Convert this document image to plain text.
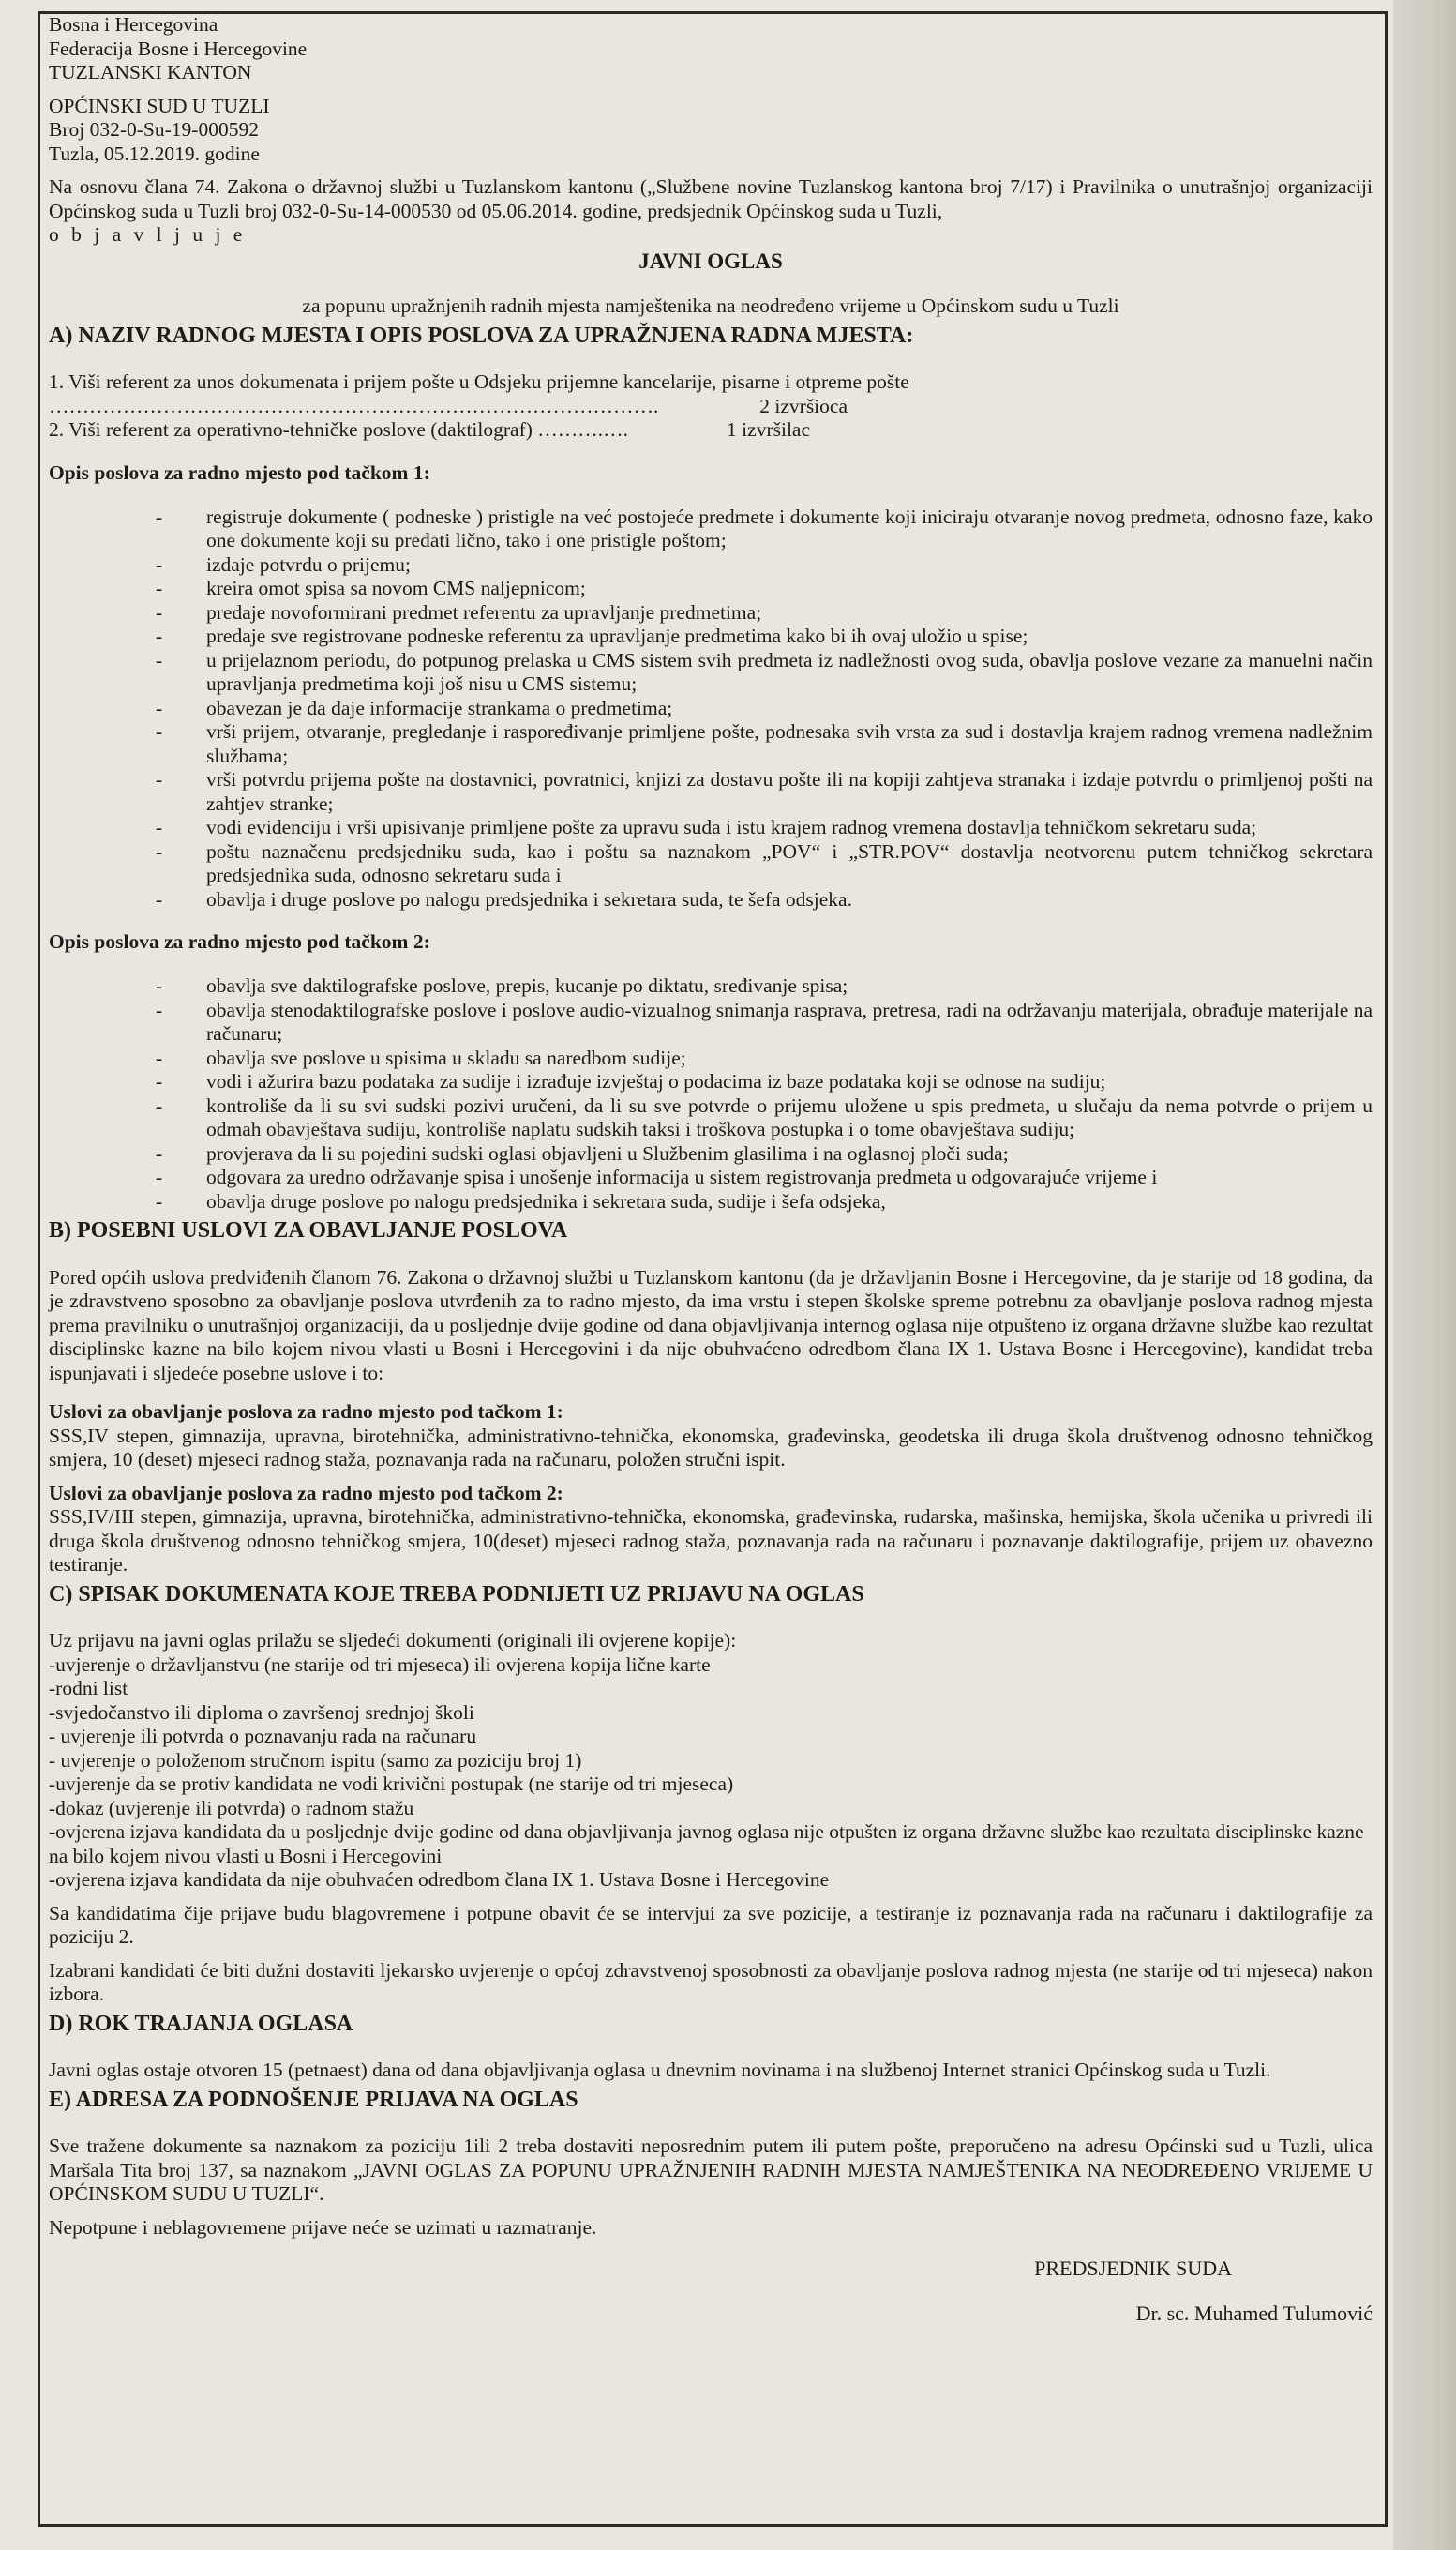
Bosna i Hercegovina

Federacija Bosne i Hercegovine

TUZLANSKI KANTON

OPĆINSKI SUD U TUZLI

Broj 032-0-Su-19-000592

Tuzla, 05.12.2019. godine

Na osnovu člana 74. Zakona o državnoj službi u Tuzlanskom kantonu („Službene novine Tuzlanskog kantona broj 7/17) i Pravilnika o unutrašnjoj organizaciji Općinskog suda u Tuzli broj 032-0-Su-14-000530 od 05.06.2014. godine, predsjednik Općinskog suda u Tuzli,

o b j a v l j u j e

JAVNI OGLAS

za popunu upražnjenih radnih mjesta namještenika na neodređeno vrijeme u Općinskom sudu u Tuzli

A) NAZIV RADNOG MJESTA I OPIS POSLOVA ZA UPRAŽNJENA RADNA MJESTA:

1. Viši referent za unos dokumenata i prijem pošte u Odsjeku prijemne kancelarije, pisarne i otpreme pošte

……………………………………………………………………………….	2 izvršioca
2. Viši referent za operativno-tehničke poslove (daktilograf) ……….….	1 izvršilac

Opis poslova za radno mjesto pod tačkom 1:

- registruje dokumente ( podneske ) pristigle na već postojeće predmete i dokumente koji iniciraju otvaranje novog predmeta, odnosno faze, kako one dokumente koji su predati lično, tako i one pristigle poštom;

- izdaje potvrdu o prijemu;

- kreira omot spisa sa novom CMS naljepnicom;

- predaje novoformirani predmet referentu za upravljanje predmetima;

- predaje sve registrovane podneske referentu za upravljanje predmetima kako bi ih ovaj uložio u spise;

- u prijelaznom periodu, do potpunog prelaska u CMS sistem svih predmeta iz nadležnosti ovog suda, obavlja poslove vezane za manuelni način upravljanja predmetima koji još nisu u CMS sistemu;

- obavezan je da daje informacije strankama o predmetima;

- vrši prijem, otvaranje, pregledanje i raspoređivanje primljene pošte, podnesaka svih vrsta za sud i dostavlja krajem radnog vremena nadležnim službama;

- vrši potvrdu prijema pošte na dostavnici, povratnici, knjizi za dostavu pošte ili na kopiji zahtjeva stranaka i izdaje potvrdu o primljenoj pošti na zahtjev stranke;

- vodi evidenciju i vrši upisivanje primljene pošte za upravu suda i istu krajem radnog vremena dostavlja tehničkom sekretaru suda;

- poštu naznačenu predsjedniku suda, kao i poštu sa naznakom „POV“ i „STR.POV“ dostavlja neotvorenu putem tehničkog sekretara predsjednika suda, odnosno sekretaru suda i

- obavlja i druge poslove po nalogu predsjednika i sekretara suda, te šefa odsjeka.

Opis poslova za radno mjesto pod tačkom 2:

- obavlja sve daktilografske poslove, prepis, kucanje po diktatu, sređivanje spisa;

- obavlja stenodaktilografske poslove i poslove audio-vizualnog snimanja rasprava, pretresa, radi na održavanju materijala, obrađuje materijale na računaru;

- obavlja sve poslove u spisima u skladu sa naredbom sudije;

- vodi i ažurira bazu podataka za sudije i izrađuje izvještaj o podacima iz baze podataka koji se odnose na sudiju;

- kontroliše da li su svi sudski pozivi uručeni, da li su sve potvrde o prijemu uložene u spis predmeta, u slučaju da nema potvrde o prijem u odmah obavještava sudiju, kontroliše naplatu sudskih taksi i troškova postupka i o tome obavještava sudiju;

- provjerava da li su pojedini sudski oglasi objavljeni u Službenim glasilima i na oglasnoj ploči suda;

- odgovara za uredno održavanje spisa i unošenje informacija u sistem registrovanja predmeta u odgovarajuće vrijeme i

- obavlja druge poslove po nalogu predsjednika i sekretara suda, sudije i šefa odsjeka,

B) POSEBNI USLOVI ZA OBAVLJANJE POSLOVA

Pored općih uslova predviđenih članom 76. Zakona o državnoj službi u Tuzlanskom kantonu (da je državljanin Bosne i Hercegovine, da je starije od 18 godina, da je zdravstveno sposobno za obavljanje poslova utvrđenih za to radno mjesto, da ima vrstu i stepen školske spreme potrebnu za obavljanje poslova radnog mjesta prema pravilniku o unutrašnjoj organizaciji, da u posljednje dvije godine od dana objavljivanja internog oglasa nije otpušteno iz organa državne službe kao rezultat disciplinske kazne na bilo kojem nivou vlasti u Bosni i Hercegovini i da nije obuhvaćeno odredbom člana IX 1. Ustava Bosne i Hercegovine), kandidat treba ispunjavati i sljedeće posebne uslove i to:

Uslovi za obavljanje poslova za radno mjesto pod tačkom 1:

SSS,IV stepen, gimnazija, upravna, birotehnička, administrativno-tehnička, ekonomska, građevinska, geodetska ili druga škola društvenog odnosno tehničkog smjera, 10 (deset) mjeseci radnog staža, poznavanja rada na računaru, položen stručni ispit.

Uslovi za obavljanje poslova za radno mjesto pod tačkom 2:

SSS,IV/III stepen, gimnazija, upravna, birotehnička, administrativno-tehnička, ekonomska, građevinska, rudarska, mašinska, hemijska, škola učenika u privredi ili druga škola društvenog odnosno tehničkog smjera, 10(deset) mjeseci radnog staža, poznavanja rada na računaru i poznavanje daktilografije, prijem uz obavezno testiranje.

C) SPISAK DOKUMENATA KOJE TREBA PODNIJETI UZ PRIJAVU NA OGLAS

Uz prijavu na javni oglas prilažu se sljedeći dokumenti (originali ili ovjerene kopije):

-uvjerenje o državljanstvu (ne starije od tri mjeseca) ili ovjerena kopija lične karte

-rodni list

-svjedočanstvo ili diploma o završenoj srednjoj školi

- uvjerenje ili potvrda o poznavanju rada na računaru

- uvjerenje o položenom stručnom ispitu (samo za poziciju broj 1)

-uvjerenje da se protiv kandidata ne vodi krivični postupak (ne starije od tri mjeseca)

-dokaz (uvjerenje ili potvrda) o radnom stažu

-ovjerena izjava kandidata da u posljednje dvije godine od dana objavljivanja javnog oglasa nije otpušten iz organa državne službe kao rezultata disciplinske kazne na bilo kojem nivou vlasti u Bosni i Hercegovini

-ovjerena izjava kandidata da nije obuhvaćen odredbom člana IX 1. Ustava Bosne i Hercegovine

Sa kandidatima čije prijave budu blagovremene i potpune obavit će se intervjui za sve pozicije, a testiranje iz poznavanja rada na računaru i daktilografije za poziciju 2.

Izabrani kandidati će biti dužni dostaviti ljekarsko uvjerenje o općoj zdravstvenoj sposobnosti za obavljanje poslova radnog mjesta (ne starije od tri mjeseca) nakon izbora.

D) ROK TRAJANJA OGLASA

Javni oglas ostaje otvoren 15 (petnaest) dana od dana objavljivanja oglasa u dnevnim novinama i na službenoj Internet stranici Općinskog suda u Tuzli.

E) ADRESA ZA PODNOŠENJE PRIJAVA NA OGLAS

Sve tražene dokumente sa naznakom za poziciju 1ili 2 treba dostaviti neposrednim putem ili putem pošte, preporučeno na adresu Općinski sud u Tuzli, ulica Maršala Tita broj 137, sa naznakom „JAVNI OGLAS ZA POPUNU UPRAŽNJENIH RADNIH MJESTA NAMJEŠTENIKA NA NEODREĐENO VRIJEME U OPĆINSKOM SUDU U TUZLI“.

Nepotpune i neblagovremene prijave neće se uzimati u razmatranje.

PREDSJEDNIK SUDA

Dr. sc. Muhamed Tulumović
